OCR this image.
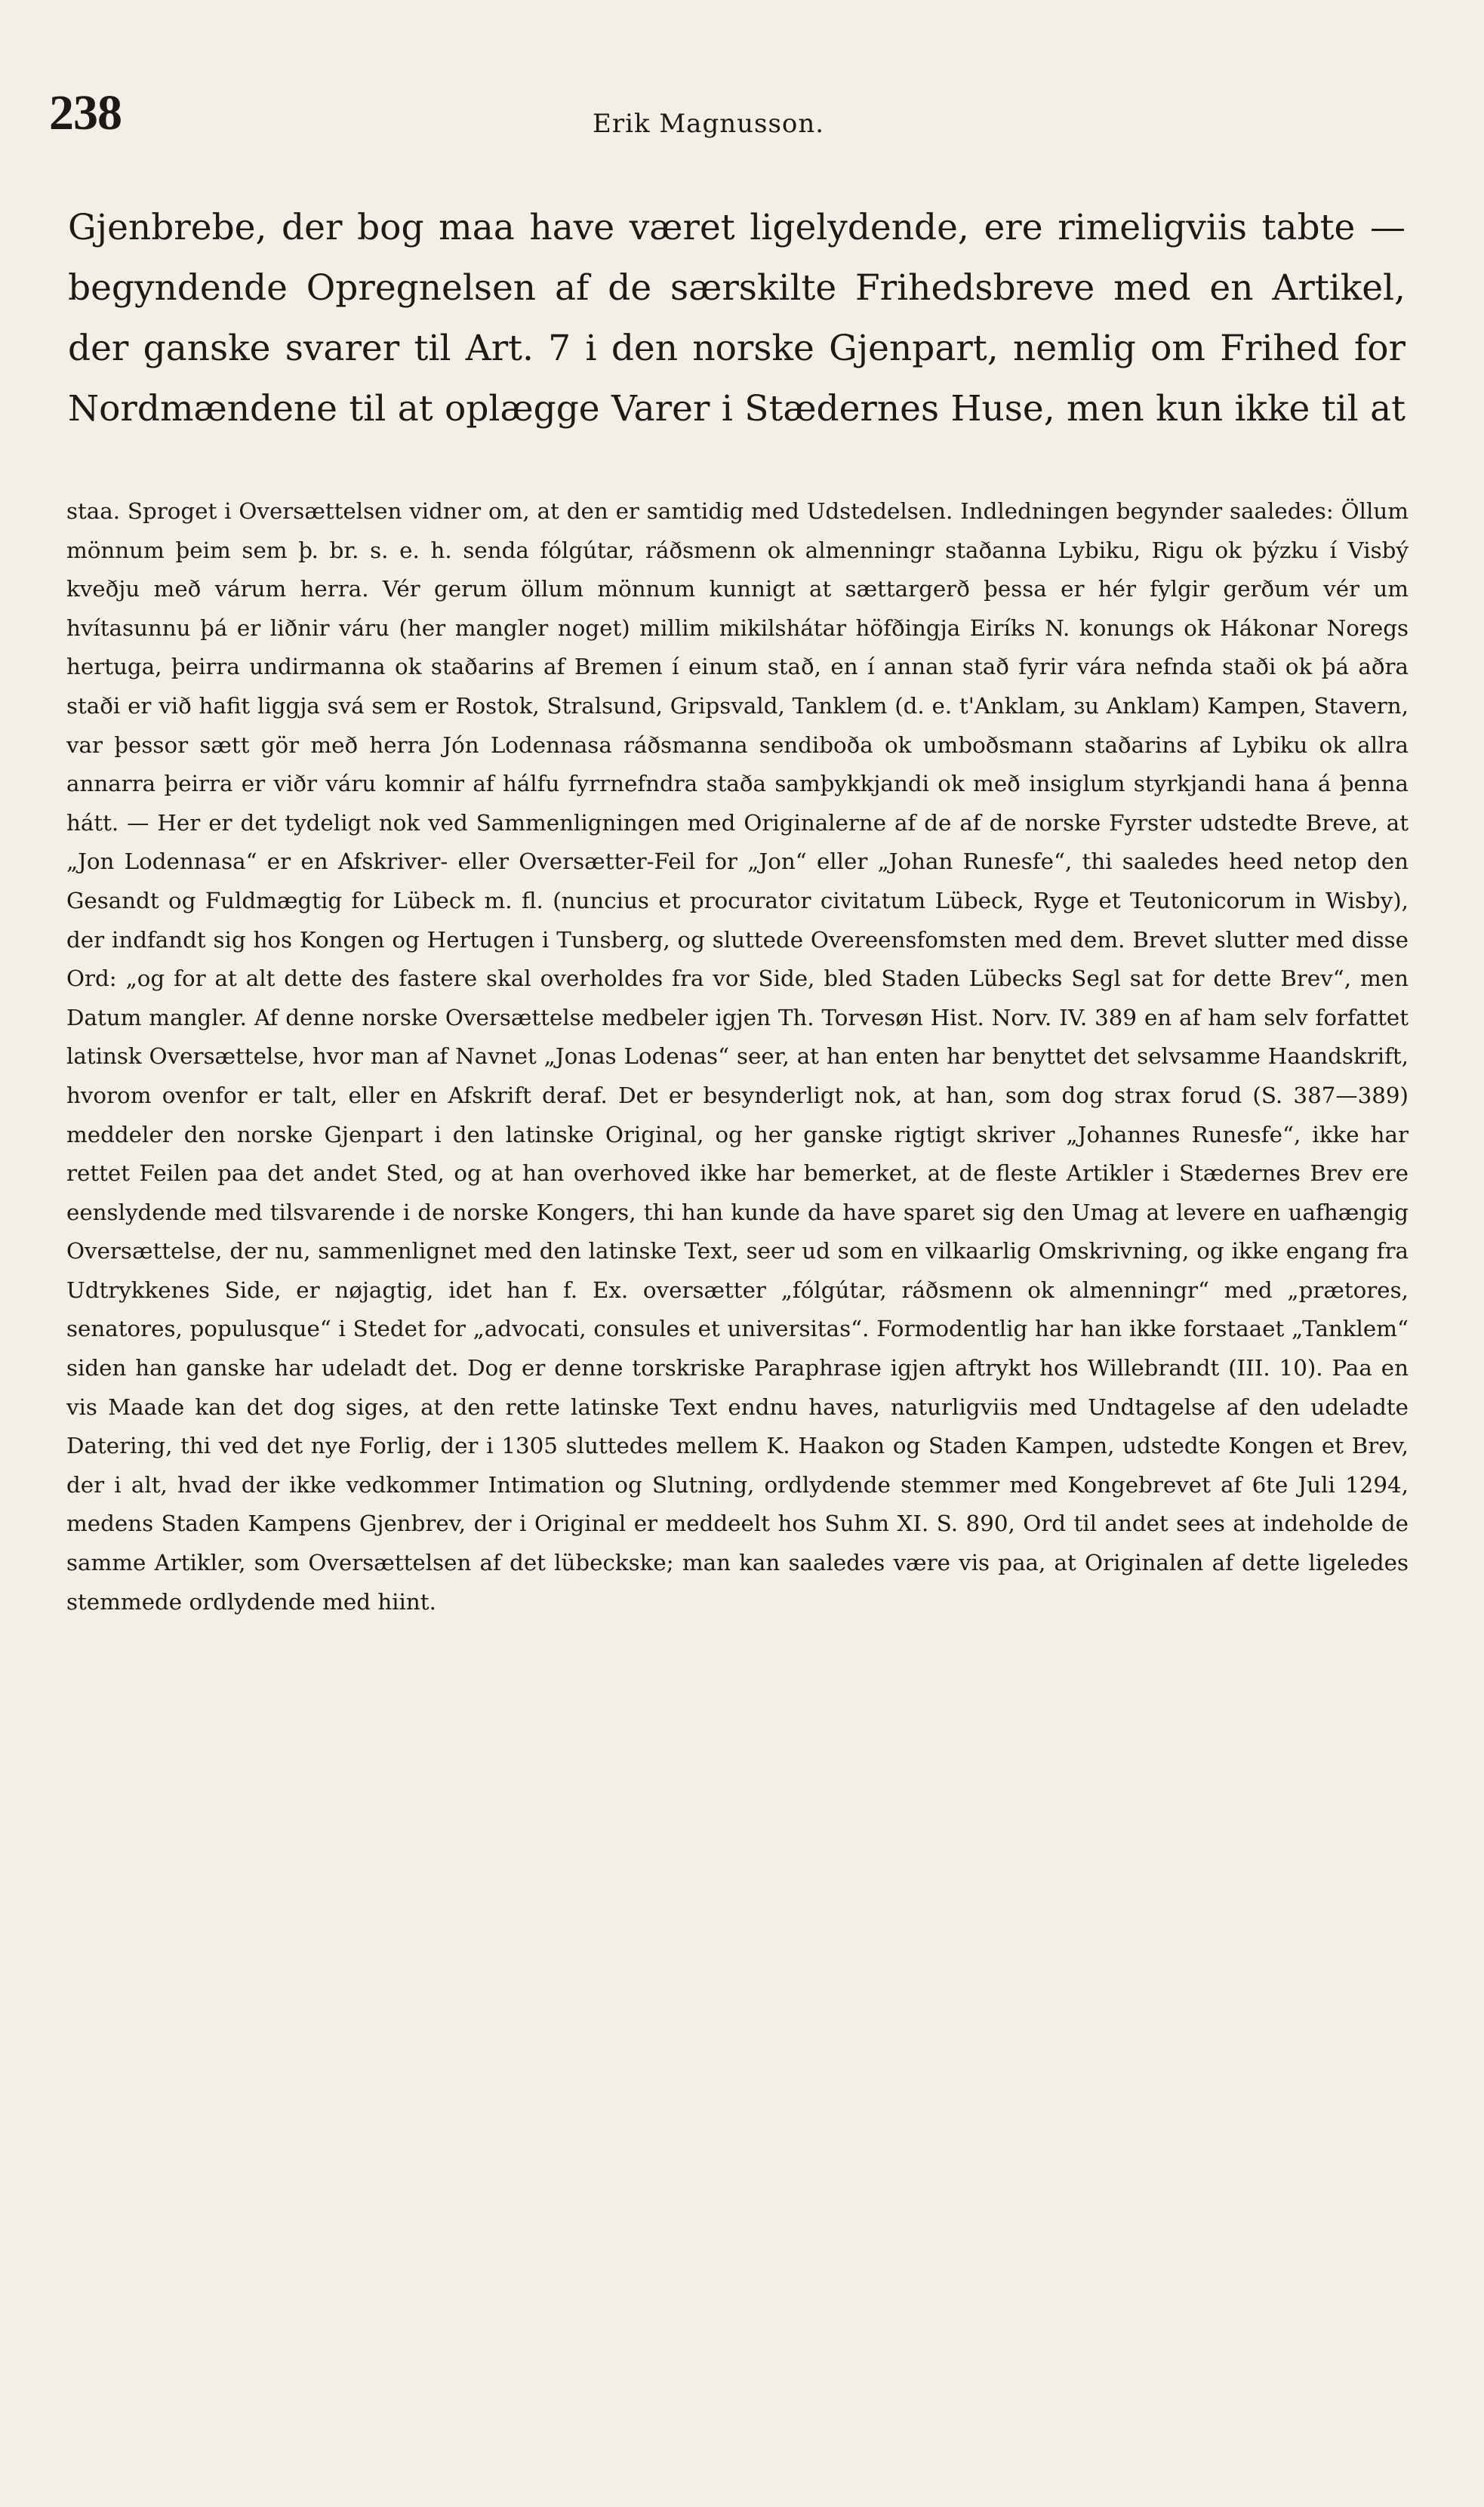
238	Erik Magnusson.

Gjenbrebe, der bog maa have været ligelydende, ere rimeligviis tabte — begyndende Opregnelsen af de særskilte Frihedsbreve med en Artikel, der ganske svarer til Art. 7 i den norske Gjenpart, nemlig om Frihed for Nordmændene til at oplægge Varer i Stædernes Huse, men kun ikke til at

staa. Sproget i Oversættelsen vidner om, at den er samtidig med Udstedelsen. Indledningen begynder saaledes: Öllum mönnum þeim sem þ. br. s. e. h. senda fólgútar, ráðsmenn ok almenningr staðanna Lybiku, Rigu ok þýzku í Visbý kveðju með várum herra. Vér gerum öllum mönnum kunnigt at sættargerð þessa er hér fylgir gerðum vér um hvítasunnu þá er liðnir váru (her mangler noget) millim mikilshátar höfðingja Eiríks N. konungs ok Hákonar Noregs hertuga, þeirra undirmanna ok staðarins af Bremen í einum stað, en í annan stað fyrir vára nefnda staði ok þá aðra staði er við hafit liggja svá sem er Rostok, Stralsund, Gripsvald, Tanklem (d. e. t'Anklam, ɜu Anklam) Kampen, Stavern, var þessor sætt gör með herra Jón Lodennasa ráðsmanna sendiboða ok umboðsmann staðarins af Lybiku ok allra annarra þeirra er viðr váru komnir af hálfu fyrrnefndra staða samþykkjandi ok með insiglum styrkjandi hana á þenna hátt. — Her er det tydeligt nok ved Sammenligningen med Originalerne af de af de norske Fyrster udstedte Breve, at „Jon Lodennasa“ er en Afskriver- eller Oversætter-Feil for „Jon“ eller „Johan Runesfe“, thi saaledes heed netop den Gesandt og Fuldmægtig for Lübeck m. fl. (nuncius et procurator civitatum Lübeck, Ryge et Teutonicorum in Wisby), der indfandt sig hos Kongen og Hertugen i Tunsberg, og sluttede Overeensfomsten med dem. Brevet slutter med disse Ord: „og for at alt dette des fastere skal overholdes fra vor Side, bled Staden Lübecks Segl sat for dette Brev“, men Datum mangler. Af denne norske Oversættelse medbeler igjen Th. Torvesøn Hist. Norv. IV. 389 en af ham selv forfattet latinsk Oversættelse, hvor man af Navnet „Jonas Lodenas“ seer, at han enten har benyttet det selvsamme Haandskrift, hvorom ovenfor er talt, eller en Afskrift deraf. Det er besynderligt nok, at han, som dog strax forud (S. 387—389) meddeler den norske Gjenpart i den latinske Original, og her ganske rigtigt skriver „Johannes Runesfe“, ikke har rettet Feilen paa det andet Sted, og at han overhoved ikke har bemerket, at de fleste Artikler i Stædernes Brev ere eenslydende med tilsvarende i de norske Kongers, thi han kunde da have sparet sig den Umag at levere en uafhængig Oversættelse, der nu, sammenlignet med den latinske Text, seer ud som en vilkaarlig Omskrivning, og ikke engang fra Udtrykkenes Side, er nøjagtig, idet han f. Ex. oversætter „fólgútar, ráðsmenn ok almenningr“ med „prætores, senatores, populusque“ i Stedet for „advocati, consules et universitas“. Formodentlig har han ikke forstaaet „Tanklem“ siden han ganske har udeladt det. Dog er denne torskriske Paraphrase igjen aftrykt hos Willebrandt (III. 10). Paa en vis Maade kan det dog siges, at den rette latinske Text endnu haves, naturligviis med Undtagelse af den udeladte Datering, thi ved det nye Forlig, der i 1305 sluttedes mellem K. Haakon og Staden Kampen, udstedte Kongen et Brev, der i alt, hvad der ikke vedkommer Intimation og Slutning, ordlydende stemmer med Kongebrevet af 6te Juli 1294, medens Staden Kampens Gjenbrev, der i Original er meddeelt hos Suhm XI. S. 890, Ord til andet sees at indeholde de samme Artikler, som Oversættelsen af det lübeckske; man kan saaledes være vis paa, at Originalen af dette ligeledes stemmede ordlydende med hiint.
